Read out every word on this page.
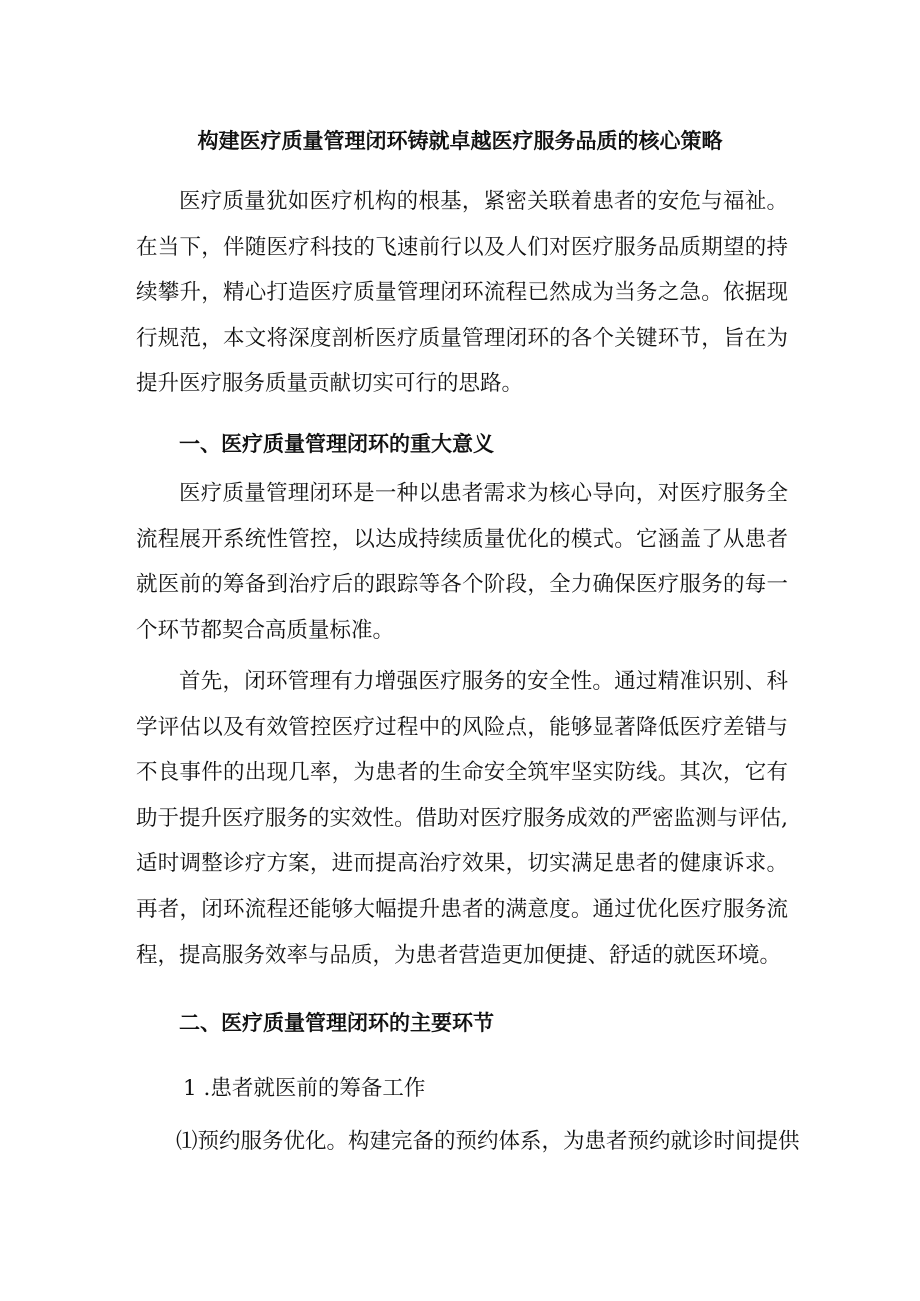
构建医疗质量管理闭环铸就卓越医疗服务品质的核心策略

医疗质量犹如医疗机构的根基，紧密关联着患者的安危与福祉。在当下，伴随医疗科技的飞速前行以及人们对医疗服务品质期望的持续攀升，精心打造医疗质量管理闭环流程已然成为当务之急。依据现行规范，本文将深度剖析医疗质量管理闭环的各个关键环节，旨在为提升医疗服务质量贡献切实可行的思路。

一、医疗质量管理闭环的重大意义

医疗质量管理闭环是一种以患者需求为核心导向，对医疗服务全流程展开系统性管控，以达成持续质量优化的模式。它涵盖了从患者就医前的筹备到治疗后的跟踪等各个阶段，全力确保医疗服务的每一个环节都契合高质量标准。

首先，闭环管理有力增强医疗服务的安全性。通过精准识别、科学评估以及有效管控医疗过程中的风险点，能够显著降低医疗差错与不良事件的出现几率，为患者的生命安全筑牢坚实防线。其次，它有助于提升医疗服务的实效性。借助对医疗服务成效的严密监测与评估,适时调整诊疗方案，进而提高治疗效果，切实满足患者的健康诉求。再者，闭环流程还能够大幅提升患者的满意度。通过优化医疗服务流程，提高服务效率与品质，为患者营造更加便捷、舒适的就医环境。

二、医疗质量管理闭环的主要环节

1 .患者就医前的筹备工作

⑴预约服务优化。构建完备的预约体系，为患者预约就诊时间提供
